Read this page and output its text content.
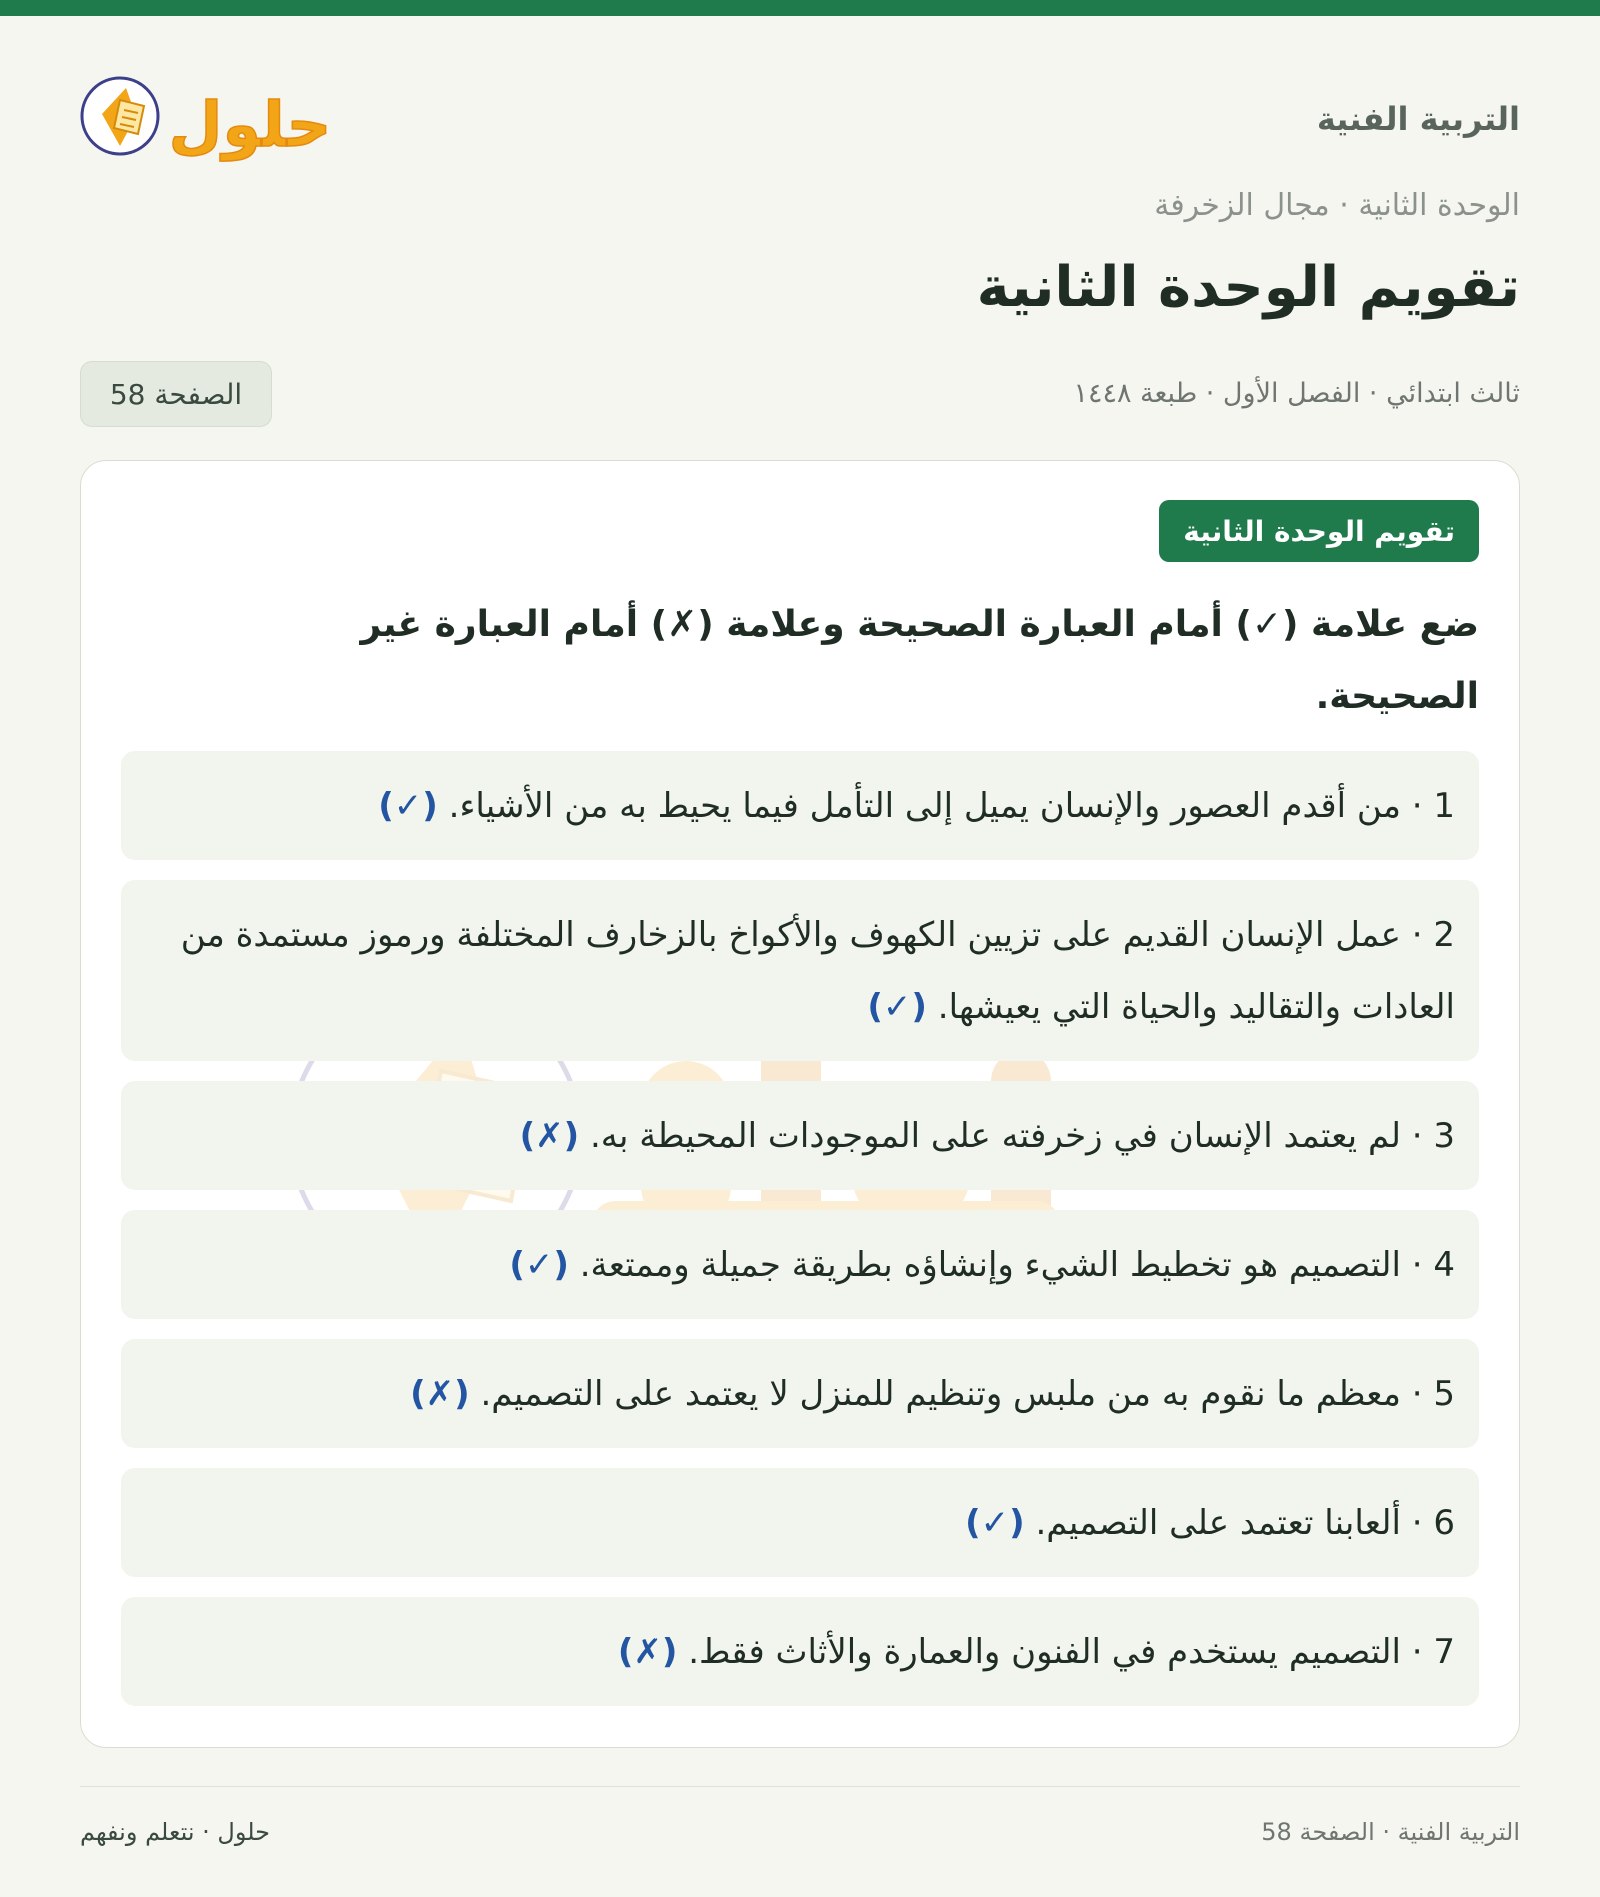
حلول	التربية الفنية
الوحدة الثانية · مجال الزخرفة
تقويم الوحدة الثانية
ثالث ابتدائي · الفصل الأول · طبعة ١٤٤٨
الصفحة 58
تقويم الوحدة الثانية
ضع علامة (✓) أمام العبارة الصحيحة وعلامة (✗) أمام العبارة غير الصحيحة.
1 · من أقدم العصور والإنسان يميل إلى التأمل فيما يحيط به من الأشياء. (✓)
2 · عمل الإنسان القديم على تزيين الكهوف والأكواخ بالزخارف المختلفة ورموز مستمدة من العادات والتقاليد والحياة التي يعيشها. (✓)
3 · لم يعتمد الإنسان في زخرفته على الموجودات المحيطة به. (✗)
4 · التصميم هو تخطيط الشيء وإنشاؤه بطريقة جميلة وممتعة. (✓)
5 · معظم ما نقوم به من ملبس وتنظيم للمنزل لا يعتمد على التصميم. (✗)
6 · ألعابنا تعتمد على التصميم. (✓)
7 · التصميم يستخدم في الفنون والعمارة والأثاث فقط. (✗)
التربية الفنية · الصفحة 58
حلول · نتعلم ونفهم
